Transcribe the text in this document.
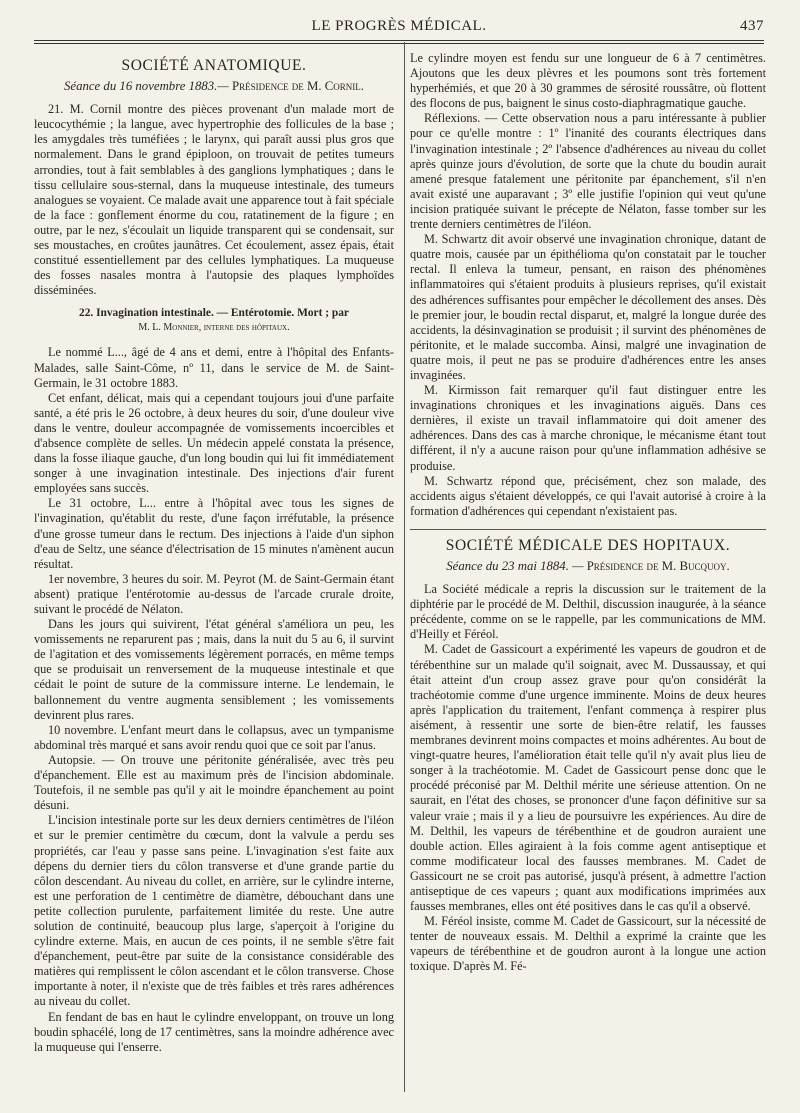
LE PROGRÈS MÉDICAL.	437
SOCIÉTÉ ANATOMIQUE.
Séance du 16 novembre 1883.— Présidence de M. Cornil.

21. M. Cornil montre des pièces provenant d'un malade mort de leucocythémie ; la langue, avec hypertrophie des follicules de la base ; les amygdales très tuméfiées ; le larynx, qui paraît aussi plus gros que normalement. Dans le grand épiploon, on trouvait de petites tumeurs arrondies, tout à fait semblables à des ganglions lymphatiques ; dans le tissu cellulaire sous-sternal, dans la muqueuse intestinale, des tumeurs analogues se voyaient. Ce malade avait une apparence tout à fait spéciale de la face : gonflement énorme du cou, ratatinement de la figure ; en outre, par le nez, s'écoulait un liquide transparent qui se condensait, sur ses moustaches, en croûtes jaunâtres. Cet écoulement, assez épais, était constitué essentiellement par des cellules lymphatiques. La muqueuse des fosses nasales montra à l'autopsie des plaques lymphoïdes disséminées.

22. Invagination intestinale. — Entérotomie. Mort ; par
M. L. Monnier, interne des hôpitaux.

Le nommé L..., âgé de 4 ans et demi, entre à l'hôpital des Enfants-Malades, salle Saint-Côme, nº 11, dans le service de M. de Saint-Germain, le 31 octobre 1883.

Cet enfant, délicat, mais qui a cependant toujours joui d'une parfaite santé, a été pris le 26 octobre, à deux heures du soir, d'une douleur vive dans le ventre, douleur accompagnée de vomissements incoercibles et d'absence complète de selles. Un médecin appelé constata la présence, dans la fosse iliaque gauche, d'un long boudin qui lui fit immédiatement songer à une invagination intestinale. Des injections d'air furent employées sans succès.

Le 31 octobre, L... entre à l'hôpital avec tous les signes de l'invagination, qu'établit du reste, d'une façon irréfutable, la présence d'une grosse tumeur dans le rectum. Des injections à l'aide d'un siphon d'eau de Seltz, une séance d'électrisation de 15 minutes n'amènent aucun résultat.

1er novembre, 3 heures du soir. M. Peyrot (M. de Saint-Germain étant absent) pratique l'entérotomie au-dessus de l'arcade crurale droite, suivant le procédé de Nélaton.

Dans les jours qui suivirent, l'état général s'améliora un peu, les vomissements ne reparurent pas ; mais, dans la nuit du 5 au 6, il survint de l'agitation et des vomissements légèrement porracés, en même temps que se produisait un renversement de la muqueuse intestinale et que cédait le point de suture de la commissure interne. Le lendemain, le ballonnement du ventre augmenta sensiblement ; les vomissements devinrent plus rares.

10 novembre. L'enfant meurt dans le collapsus, avec un tympanisme abdominal très marqué et sans avoir rendu quoi que ce soit par l'anus.

Autopsie. — On trouve une péritonite généralisée, avec très peu d'épanchement. Elle est au maximum près de l'incision abdominale. Toutefois, il ne semble pas qu'il y ait le moindre épanchement au point désuni.

L'incision intestinale porte sur les deux derniers centimètres de l'iléon et sur le premier centimètre du cœcum, dont la valvule a perdu ses propriétés, car l'eau y passe sans peine. L'invagination s'est faite aux dépens du dernier tiers du côlon transverse et d'une grande partie du côlon descendant. Au niveau du collet, en arrière, sur le cylindre interne, est une perforation de 1 centimètre de diamètre, débouchant dans une petite collection purulente, parfaitement limitée du reste. Une autre solution de continuité, beaucoup plus large, s'aperçoit à l'origine du cylindre externe. Mais, en aucun de ces points, il ne semble s'être fait d'épanchement, peut-être par suite de la consistance considérable des matières qui remplissent le côlon ascendant et le côlon transverse. Chose importante à noter, il n'existe que de très faibles et très rares adhérences au niveau du collet.

En fendant de bas en haut le cylindre enveloppant, on trouve un long boudin sphacélé, long de 17 centimètres, sans la moindre adhérence avec la muqueuse qui l'enserre.

Le cylindre moyen est fendu sur une longueur de 6 à 7 centimètres. Ajoutons que les deux plèvres et les poumons sont très fortement hyperhémiés, et que 20 à 30 grammes de sérosité roussâtre, où flottent des flocons de pus, baignent le sinus costo-diaphragmatique gauche.

Réflexions. — Cette observation nous a paru intéressante à publier pour ce qu'elle montre : 1º l'inanité des courants électriques dans l'invagination intestinale ; 2º l'absence d'adhérences au niveau du collet après quinze jours d'évolution, de sorte que la chute du boudin aurait amené presque fatalement une péritonite par épanchement, s'il n'en avait existé une auparavant ; 3º elle justifie l'opinion qui veut qu'une incision pratiquée suivant le précepte de Nélaton, fasse tomber sur les trente derniers centimètres de l'iléon.

M. Schwartz dit avoir observé une invagination chronique, datant de quatre mois, causée par un épithélioma qu'on constatait par le toucher rectal. Il enleva la tumeur, pensant, en raison des phénomènes inflammatoires qui s'étaient produits à plusieurs reprises, qu'il existait des adhérences suffisantes pour empêcher le décollement des anses. Dès le premier jour, le boudin rectal disparut, et, malgré la longue durée des accidents, la désinvagination se produisit ; il survint des phénomènes de péritonite, et le malade succomba. Ainsi, malgré une invagination de quatre mois, il peut ne pas se produire d'adhérences entre les anses invaginées.

M. Kirmisson fait remarquer qu'il faut distinguer entre les invaginations chroniques et les invaginations aiguës. Dans ces dernières, il existe un travail inflammatoire qui doit amener des adhérences. Dans des cas à marche chronique, le mécanisme étant tout différent, il n'y a aucune raison pour qu'une inflammation adhésive se produise.

M. Schwartz répond que, précisément, chez son malade, des accidents aigus s'étaient développés, ce qui l'avait autorisé à croire à la formation d'adhérences qui cependant n'existaient pas.

SOCIÉTÉ MÉDICALE DES HOPITAUX.
Séance du 23 mai 1884. — Présidence de M. Bucquoy.

La Société médicale a repris la discussion sur le traitement de la diphtérie par le procédé de M. Delthil, discussion inaugurée, à la séance précédente, comme on se le rappelle, par les communications de MM. d'Heilly et Féréol.

M. Cadet de Gassicourt a expérimenté les vapeurs de goudron et de térébenthine sur un malade qu'il soignait, avec M. Dussaussay, et qui était atteint d'un croup assez grave pour qu'on considérât la trachéotomie comme d'une urgence imminente. Moins de deux heures après l'application du traitement, l'enfant commença à respirer plus aisément, à ressentir une sorte de bien-être relatif, les fausses membranes devinrent moins compactes et moins adhérentes. Au bout de vingt-quatre heures, l'amélioration était telle qu'il n'y avait plus lieu de songer à la trachéotomie. M. Cadet de Gassicourt pense donc que le procédé préconisé par M. Delthil mérite une sérieuse attention. On ne saurait, en l'état des choses, se prononcer d'une façon définitive sur sa valeur vraie ; mais il y a lieu de poursuivre les expériences. Au dire de M. Delthil, les vapeurs de térébenthine et de goudron auraient une double action. Elles agiraient à la fois comme agent antiseptique et comme modificateur local des fausses membranes. M. Cadet de Gassicourt ne se croit pas autorisé, jusqu'à présent, à admettre l'action antiseptique de ces vapeurs ; quant aux modifications imprimées aux fausses membranes, elles ont été positives dans le cas qu'il a observé.

M. Féréol insiste, comme M. Cadet de Gassicourt, sur la nécessité de tenter de nouveaux essais. M. Delthil a exprimé la crainte que les vapeurs de térébenthine et de goudron auront à la longue une action toxique. D'après M. Fé-
